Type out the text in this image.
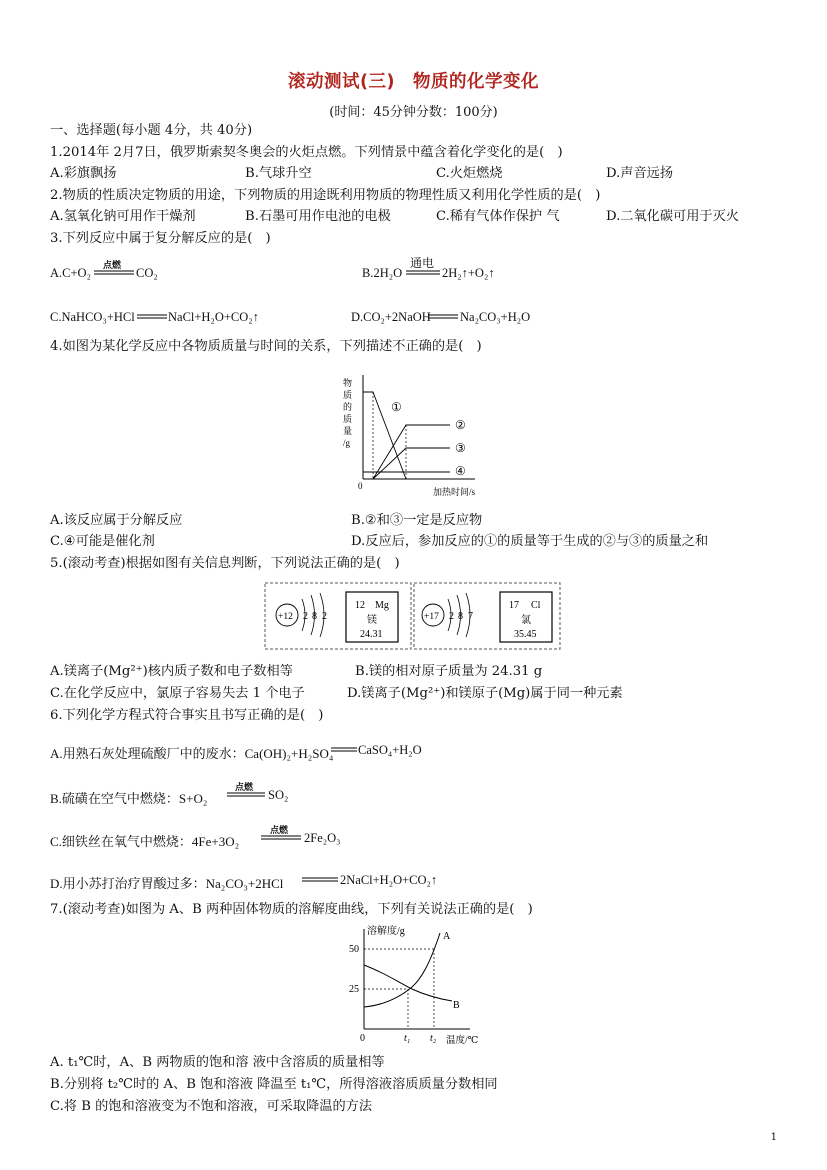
滚动测试(三)　物质的化学变化
(时间：45分钟分数：100分)
一、选择题(每小题 4分，共 40分)
1.2014年 2月7日，俄罗斯索契冬奥会的火炬点燃。下列情景中蕴含着化学变化的是(　)
A.彩旗飘扬	B.气球升空	C.火炬燃烧	D.声音远扬
2.物质的性质决定物质的用途，下列物质的用途既利用物质的物理性质又利用化学性质的是(　)
A.氢氧化钠可用作干燥剂	B.石墨可用作电池的电极	C.稀有气体作保护 气	D.二氧化碳可用于灭火
3.下列反应中属于复分解反应的是(　)
A.C+O₂ 点燃 CO₂	B.2H₂O
通电
2H₂↑+O₂↑
C.NaHCO₃+HCl	NaCl+H₂O+CO₂↑	D.CO₂+2NaOH Na₂CO₃+H₂O
4.如图为某化学反应中各物质质量与时间的关系，下列描述不正确的是(　)
物
质
的
质
量
/g
0
加热时间/s
①
②
③
④
A.该反应属于分解反应	B.②和③一定是反应物
C.④可能是催化剂	D.反应后，参加反应的①的质量等于生成的②与③的质量之和
5.(滚动考查)根据如图有关信息判断，下列说法正确的是(　)
+12 2 8 2
12 Mg
镁
24.31
+17 2 8 7
17 Cl
氯
35.45
A.镁离子(Mg²⁺)核内质子数和电子数相等	B.镁的相对原子质量为 24.31 g
C.在化学反应中，氯原子容易失去 1 个电子	D.镁离子(Mg²⁺)和镁原子(Mg)属于同一种元素
6.下列化学方程式符合事实且书写正确的是(　)
A.用熟石灰处理硫酸厂中的废水：Ca(OH)₂+H₂SO₄ CaSO₄+H₂O
B.硫磺在空气中燃烧：S+O₂
点燃 SO₂
C.细铁丝在氧气中燃烧：4Fe+3O₂
点燃 2Fe₂O₃
D.用小苏打治疗胃酸过多：Na₂CO₃+2HCl	2NaCl+H₂O+CO₂↑
7.(滚动考查)如图为 A、B 两种固体物质的溶解度曲线，下列有关说法正确的是(　)
溶解度/g
50
25
0	t₁ t₂ 温度/℃
A
B
A. t₁℃时，A、B 两物质的饱和溶 液中含溶质的质量相等
B.分别将 t₂℃时的 A、B 饱和溶液 降温至 t₁℃，所得溶液溶质质量分数相同
C.将 B 的饱和溶液变为不饱和溶液，可采取降温的方法
1
